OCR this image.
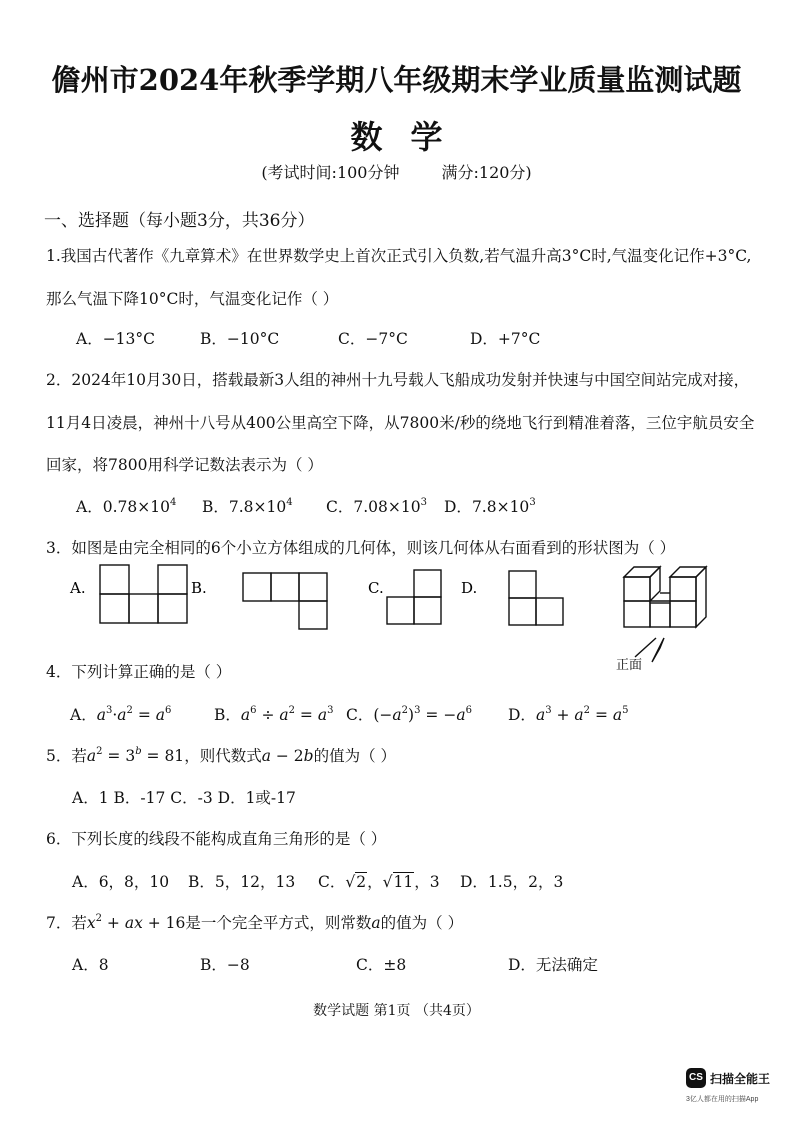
儋州市2024年秋季学期八年级期末学业质量监测试题
数学
(考试时间:100分钟	满分:120分)
一、选择题（每小题3分，共36分）
1.我国古代著作《九章算术》在世界数学史上首次正式引入负数,若气温升高3°C时,气温变化记作+3°C,
那么气温下降10°C时，气温变化记作（ ）
A．−13°C	B．−10°C	C．−7°C	D．+7°C
2．2024年10月30日，搭载最新3人组的神州十九号载人飞船成功发射并快速与中国空间站完成对接，
11月4日凌晨，神州十八号从400公里高空下降，从7800米/秒的绕地飞行到精准着落，三位宇航员安全
回家，将7800用科学记数法表示为（ ）
A．$0.78\times 10^4$ B．$7.8\times 10^4$ C．$7.08\times 10^3$ D．$7.8\times 10^3$
3．如图是由完全相同的6个小立方体组成的几何体，则该几何体从右面看到的形状图为（ ）
A.	B.	C.	D.
正面
4．下列计算正确的是（ ）
A．$a^3\cdot a^2 = a^6$	B．$a^6 \div a^2 = a^3$ C．$(-a^2)^3 = -a^6$ D．$a^3 + a^2 = a^5$
5．若$a^2 = 3^b = 81$，则代数式a − 2b的值为（ ）
A．1 B．-17 C．-3 D．1或-17
6．下列长度的线段不能构成直角三角形的是（ ）
A．6，8，10 B．5，12，13 C．√2，√11，3 D．1.5，2，3
7．若$x^2$ + ax + 16是一个完全平方式，则常数a的值为（ ）
A．8	B．−8	C．±8	D．无法确定
数学试题 第1页 （共4页）
CS 扫描全能王
3亿人都在用的扫描App
